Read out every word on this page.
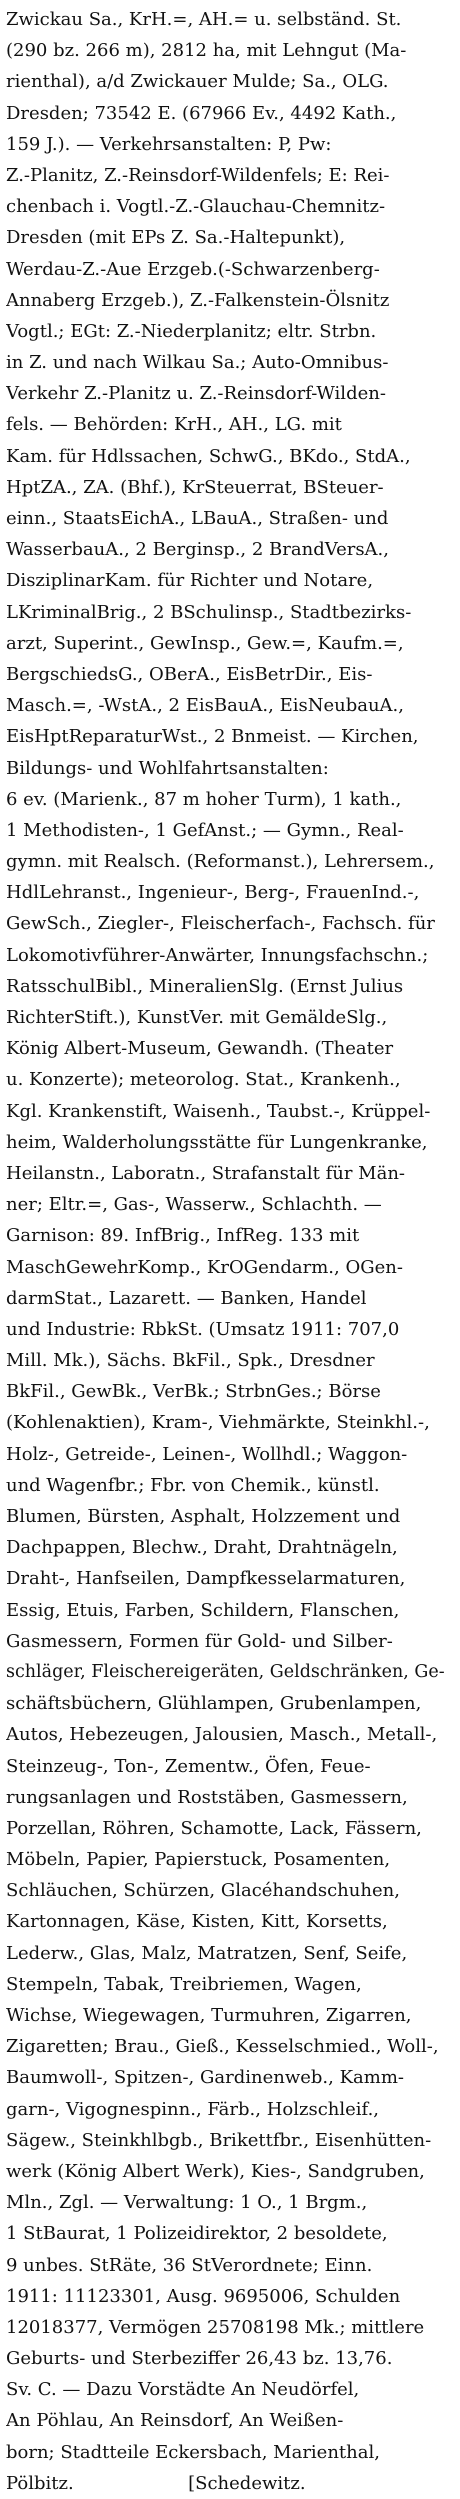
Zwickau Sa., KrH.=, AH.= u. selbständ. St.
(290 bz. 266 m), 2812 ha, mit Lehngut (Ma-
rienthal), a/d Zwickauer Mulde; Sa., OLG.
Dresden; 73542 E. (67966 Ev., 4492 Kath.,
159 J.). — Verkehrsanstalten: P, Pw:
Z.-Planitz, Z.-Reinsdorf-Wildenfels; E: Rei-
chenbach i. Vogtl.-Z.-Glauchau-Chemnitz-
Dresden (mit EPs Z. Sa.-Haltepunkt),
Werdau-Z.-Aue Erzgeb.(-Schwarzenberg-
Annaberg Erzgeb.), Z.-Falkenstein-Ölsnitz
Vogtl.; EGt: Z.-Niederplanitz; eltr. Strbn.
in Z. und nach Wilkau Sa.; Auto-Omnibus-
Verkehr Z.-Planitz u. Z.-Reinsdorf-Wilden-
fels. — Behörden: KrH., AH., LG. mit
Kam. für Hdlssachen, SchwG., BKdo., StdA.,
HptZA., ZA. (Bhf.), KrSteuerrat, BSteuer-
einn., StaatsEichA., LBauA., Straßen- und
WasserbauA., 2 Berginsp., 2 BrandVersA.,
DisziplinarKam. für Richter und Notare,
LKriminalBrig., 2 BSchulinsp., Stadtbezirks-
arzt, Superint., GewInsp., Gew.=, Kaufm.=,
BergschiedsG., OBerA., EisBetrDir., Eis-
Masch.=, -WstA., 2 EisBauA., EisNeubauA.,
EisHptReparaturWst., 2 Bnmeist. — Kirchen,
Bildungs- und Wohlfahrtsanstalten:
6 ev. (Marienk., 87 m hoher Turm), 1 kath.,
1 Methodisten-, 1 GefAnst.; — Gymn., Real-
gymn. mit Realsch. (Reformanst.), Lehrersem.,
HdlLehranst., Ingenieur-, Berg-, FrauenInd.-,
GewSch., Ziegler-, Fleischerfach-, Fachsch. für
Lokomotivführer-Anwärter, Innungsfachschn.;
RatsschulBibl., MineralienSlg. (Ernst Julius
RichterStift.), KunstVer. mit GemäldeSlg.,
König Albert-Museum, Gewandh. (Theater
u. Konzerte); meteorolog. Stat., Krankenh.,
Kgl. Krankenstift, Waisenh., Taubst.-, Krüppel-
heim, Walderholungsstätte für Lungenkranke,
Heilanstn., Laboratn., Strafanstalt für Män-
ner; Eltr.=, Gas-, Wasserw., Schlachth. —
Garnison: 89. InfBrig., InfReg. 133 mit
MaschGewehrKomp., KrOGendarm., OGen-
darmStat., Lazarett. — Banken, Handel
und Industrie: RbkSt. (Umsatz 1911: 707,0
Mill. Mk.), Sächs. BkFil., Spk., Dresdner
BkFil., GewBk., VerBk.; StrbnGes.; Börse
(Kohlenaktien), Kram-, Viehmärkte, Steinkhl.-,
Holz-, Getreide-, Leinen-, Wollhdl.; Waggon-
und Wagenfbr.; Fbr. von Chemik., künstl.
Blumen, Bürsten, Asphalt, Holzzement und
Dachpappen, Blechw., Draht, Drahtnägeln,
Draht-, Hanfseilen, Dampfkesselarmaturen,
Essig, Etuis, Farben, Schildern, Flanschen,
Gasmessern, Formen für Gold- und Silber-
schläger, Fleischereigeräten, Geldschränken, Ge-
schäftsbüchern, Glühlampen, Grubenlampen,
Autos, Hebezeugen, Jalousien, Masch., Metall-,
Steinzeug-, Ton-, Zementw., Öfen, Feue-
rungsanlagen und Roststäben, Gasmessern,
Porzellan, Röhren, Schamotte, Lack, Fässern,
Möbeln, Papier, Papierstuck, Posamenten,
Schläuchen, Schürzen, Glacéhandschuhen,
Kartonnagen, Käse, Kisten, Kitt, Korsetts,
Lederw., Glas, Malz, Matratzen, Senf, Seife,
Stempeln, Tabak, Treibriemen, Wagen,
Wichse, Wiegewagen, Turmuhren, Zigarren,
Zigaretten; Brau., Gieß., Kesselschmied., Woll-,
Baumwoll-, Spitzen-, Gardinenweb., Kamm-
garn-, Vigognespinn., Färb., Holzschleif.,
Sägew., Steinkhlbgb., Brikettfbr., Eisenhütten-
werk (König Albert Werk), Kies-, Sandgruben,
Mln., Zgl. — Verwaltung: 1 O., 1 Brgm.,
1 StBaurat, 1 Polizeidirektor, 2 besoldete,
9 unbes. StRäte, 36 StVerordnete; Einn.
1911: 11123301, Ausg. 9695006, Schulden
12018377, Vermögen 25708198 Mk.; mittlere
Geburts- und Sterbeziffer 26,43 bz. 13,76.
Sv. C. — Dazu Vorstädte An Neudörfel,
An Pöhlau, An Reinsdorf, An Weißen-
born; Stadtteile Eckersbach, Marienthal,
Pölbitz.                    [Schedewitz.
